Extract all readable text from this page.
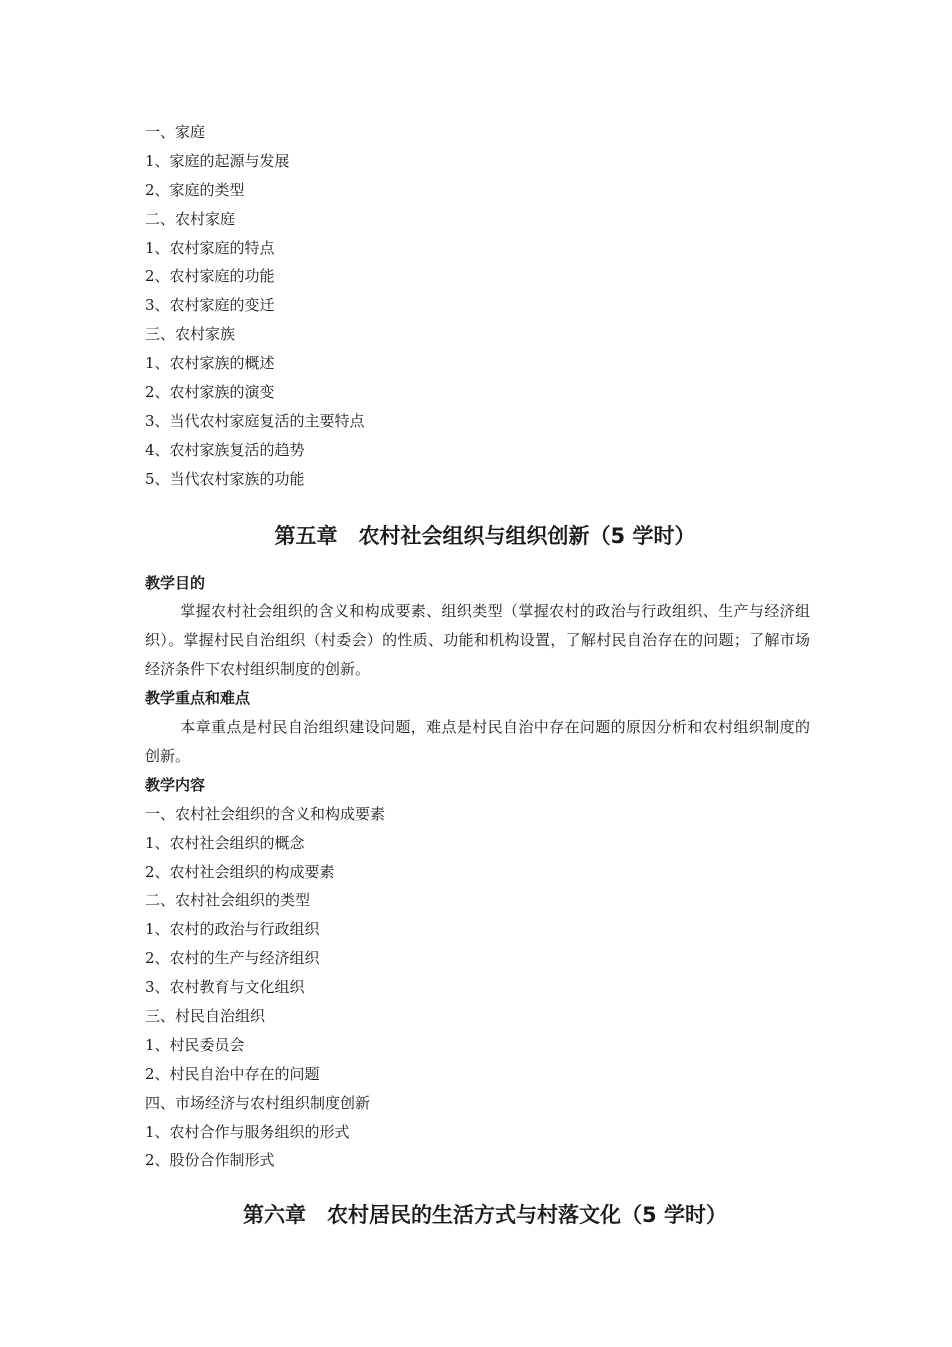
一、家庭
1、家庭的起源与发展
2、家庭的类型
二、农村家庭
1、农村家庭的特点
2、农村家庭的功能
3、农村家庭的变迁
三、农村家族
1、农村家族的概述
2、农村家族的演变
3、当代农村家庭复活的主要特点
4、农村家族复活的趋势
5、当代农村家族的功能
第五章　农村社会组织与组织创新（5 学时）
教学目的
掌握农村社会组织的含义和构成要素、组织类型（掌握农村的政治与行政组织、生产与经济组织）。掌握村民自治组织（村委会）的性质、功能和机构设置，了解村民自治存在的问题；了解市场经济条件下农村组织制度的创新。
教学重点和难点
本章重点是村民自治组织建设问题，难点是村民自治中存在问题的原因分析和农村组织制度的创新。
教学内容
一、农村社会组织的含义和构成要素
1、农村社会组织的概念
2、农村社会组织的构成要素
二、农村社会组织的类型
1、农村的政治与行政组织
2、农村的生产与经济组织
3、农村教育与文化组织
三、村民自治组织
1、村民委员会
2、村民自治中存在的问题
四、市场经济与农村组织制度创新
1、农村合作与服务组织的形式
2、股份合作制形式
第六章　农村居民的生活方式与村落文化（5 学时）
